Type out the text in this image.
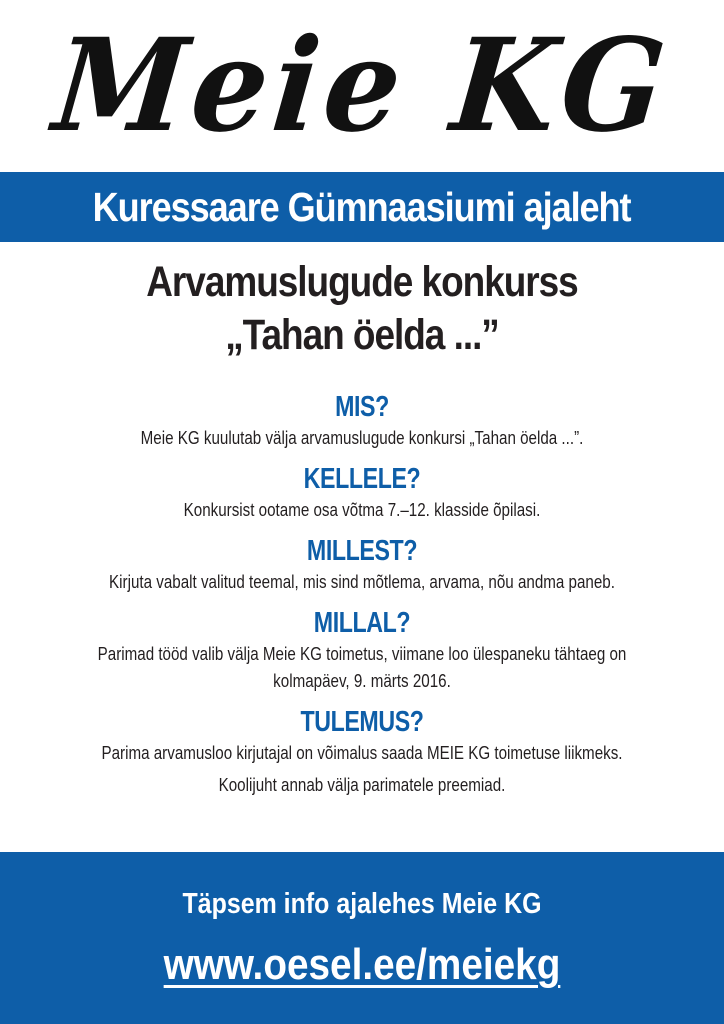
Meie KG
Kuressaare Gümnaasiumi ajaleht
Arvamuslugude konkurss
„Tahan öelda ...”
MIS?
Meie KG kuulutab välja arvamuslugude konkursi „Tahan öelda ...”.
KELLELE?
Konkursist ootame osa võtma 7.–12. klasside õpilasi.
MILLEST?
Kirjuta vabalt valitud teemal, mis sind mõtlema, arvama, nõu andma paneb.
MILLAL?
Parimad tööd valib välja Meie KG toimetus, viimane loo ülespaneku tähtaeg on
kolmapäev, 9. märts 2016.
TULEMUS?
Parima arvamusloo kirjutajal on võimalus saada MEIE KG toimetuse liikmeks.
Koolijuht annab välja parimatele preemiad.
Täpsem info ajalehes Meie KG
www.oesel.ee/meiekg
